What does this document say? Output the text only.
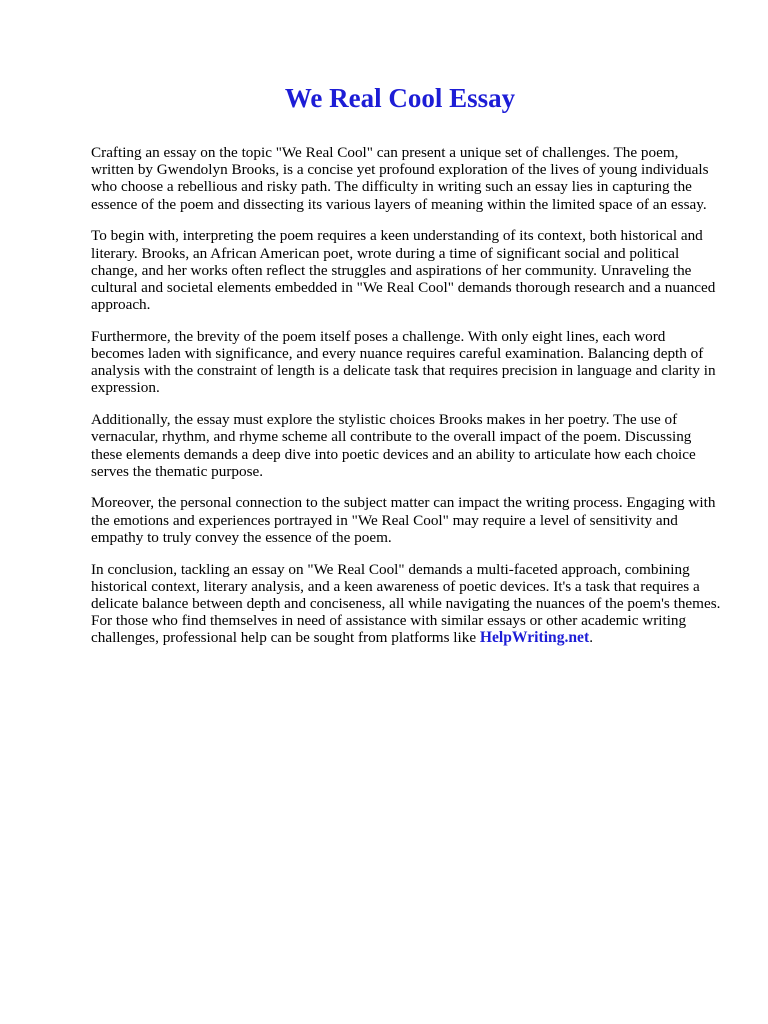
We Real Cool Essay

Crafting an essay on the topic "We Real Cool" can present a unique set of challenges. The poem, written by Gwendolyn Brooks, is a concise yet profound exploration of the lives of young individuals who choose a rebellious and risky path. The difficulty in writing such an essay lies in capturing the essence of the poem and dissecting its various layers of meaning within the limited space of an essay.

To begin with, interpreting the poem requires a keen understanding of its context, both historical and literary. Brooks, an African American poet, wrote during a time of significant social and political change, and her works often reflect the struggles and aspirations of her community. Unraveling the cultural and societal elements embedded in "We Real Cool" demands thorough research and a nuanced approach.

Furthermore, the brevity of the poem itself poses a challenge. With only eight lines, each word becomes laden with significance, and every nuance requires careful examination. Balancing depth of analysis with the constraint of length is a delicate task that requires precision in language and clarity in expression.

Additionally, the essay must explore the stylistic choices Brooks makes in her poetry. The use of vernacular, rhythm, and rhyme scheme all contribute to the overall impact of the poem. Discussing these elements demands a deep dive into poetic devices and an ability to articulate how each choice serves the thematic purpose.

Moreover, the personal connection to the subject matter can impact the writing process. Engaging with the emotions and experiences portrayed in "We Real Cool" may require a level of sensitivity and empathy to truly convey the essence of the poem.

In conclusion, tackling an essay on "We Real Cool" demands a multi-faceted approach, combining historical context, literary analysis, and a keen awareness of poetic devices. It's a task that requires a delicate balance between depth and conciseness, all while navigating the nuances of the poem's themes. For those who find themselves in need of assistance with similar essays or other academic writing challenges, professional help can be sought from platforms like HelpWriting.net.
